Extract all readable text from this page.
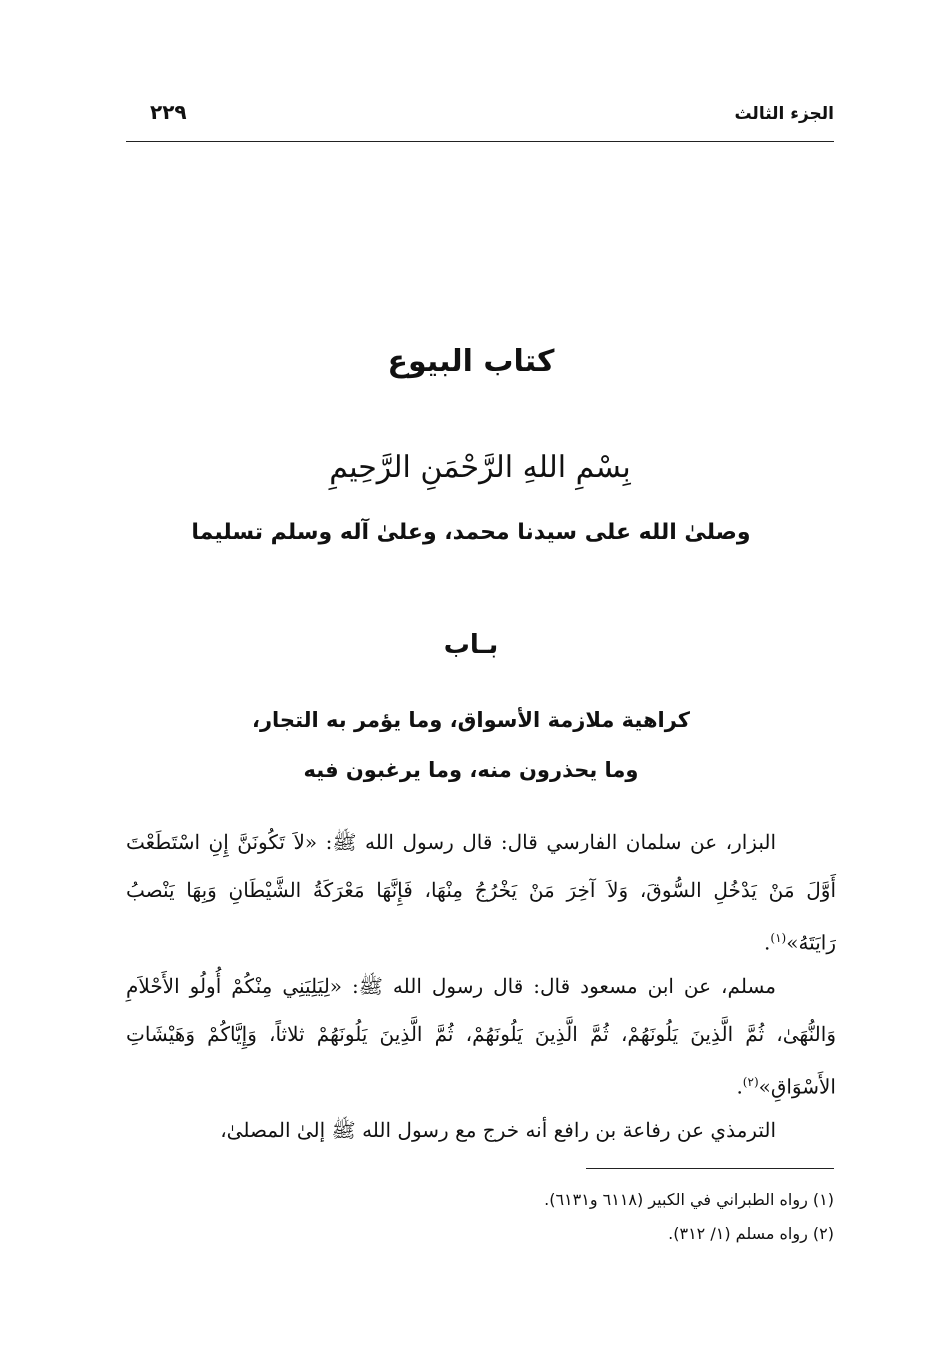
الجزء الثالث
٢٢٩
كتاب البيوع
بِسْمِ اللهِ الرَّحْمَنِ الرَّحِيمِ
وصلىٰ الله على سيدنا محمد، وعلىٰ آله وسلم تسليما
بـاب
كراهية ملازمة الأسواق، وما يؤمر به التجار،
وما يحذرون منه، وما يرغبون فيه
البزار، عن سلمان الفارسي قال: قال رسول الله ﷺ: «لاَ تَكُونَنَّ إِنِ اسْتَطَعْتَ أَوَّلَ مَنْ يَدْخُلِ السُّوقَ، وَلاَ آخِرَ مَنْ يَخْرُجُ مِنْهَا، فَإِنَّهَا مَعْرَكَةُ الشَّيْطَانِ وَبِهَا يَنْصبُ رَايَتَهُ»$^{(١)}$.
مسلم، عن ابن مسعود قال: قال رسول الله ﷺ: «لِيَلِيَنِي مِنْكُمْ أُولُو الأَحْلاَمِ وَالنُّهَىٰ، ثُمَّ الَّذِينَ يَلُونَهُمْ، ثُمَّ الَّذِينَ يَلُونَهُمْ، ثُمَّ الَّذِينَ يَلُونَهُمْ ثلاثاً، وَإِيَّاكُمْ وَهَيْشَاتِ الأَسْوَاقِ»$^{(٢)}$.
الترمذي عن رفاعة بن رافع أنه خرج مع رسول الله ﷺ إلىٰ المصلىٰ،
(١) رواه الطبراني في الكبير (٦١١٨ و٦١٣١).
(٢) رواه مسلم (١/ ٣١٢).
